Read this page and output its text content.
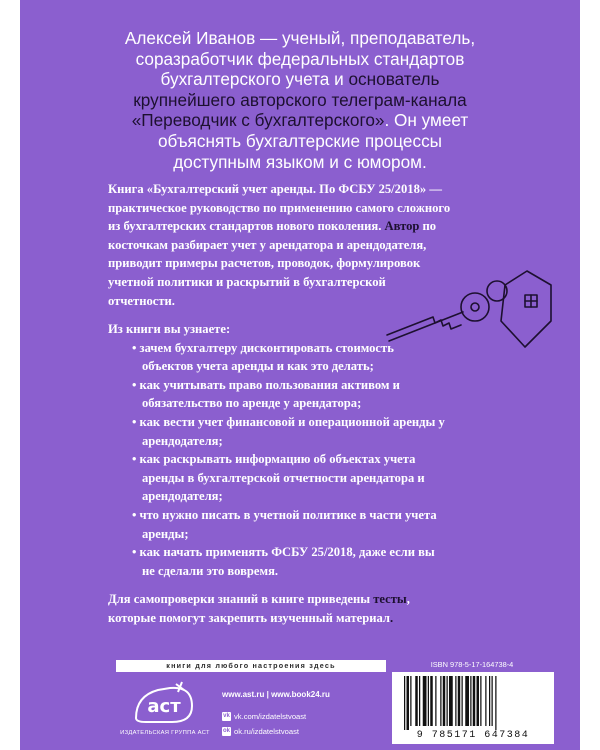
Алексей Иванов — ученый, преподаватель,
соразработчик федеральных стандартов
бухгалтерского учета и основатель
крупнейшего авторского телеграм-канала
«Переводчик с бухгалтерского». Он умеет
объяснять бухгалтерские процессы
доступным языком и с юмором.
Книга «Бухгалтерский учет аренды. По ФСБУ 25/2018» —
практическое руководство по применению самого сложного
из бухгалтерских стандартов нового поколения. Автор по
косточкам разбирает учет у арендатора и арендодателя,
приводит примеры расчетов, проводок, формулировок
учетной политики и раскрытий в бухгалтерской
отчетности.
Из книги вы узнаете:
• зачем бухгалтеру дисконтировать стоимость
объектов учета аренды и как это делать;
• как учитывать право пользования активом и
обязательство по аренде у арендатора;
• как вести учет финансовой и операционной аренды у
арендодателя;
• как раскрывать информацию об объектах учета
аренды в бухгалтерской отчетности арендатора и
арендодателя;
• что нужно писать в учетной политике в части учета
аренды;
• как начать применять ФСБУ 25/2018, даже если вы
не сделали это вовремя.
Для самопроверки знаний в книге приведены тесты,
которые помогут закрепить изученный материал.
книги для любого настроения здесь
аст
ИЗДАТЕЛЬСКАЯ ГРУППА АСТ
www.ast.ru | www.book24.ru
vk vk.com/izdatelstvoast
ok ok.ru/izdatelstvoast
ISBN 978-5-17-164738-4
9 785171 647384
